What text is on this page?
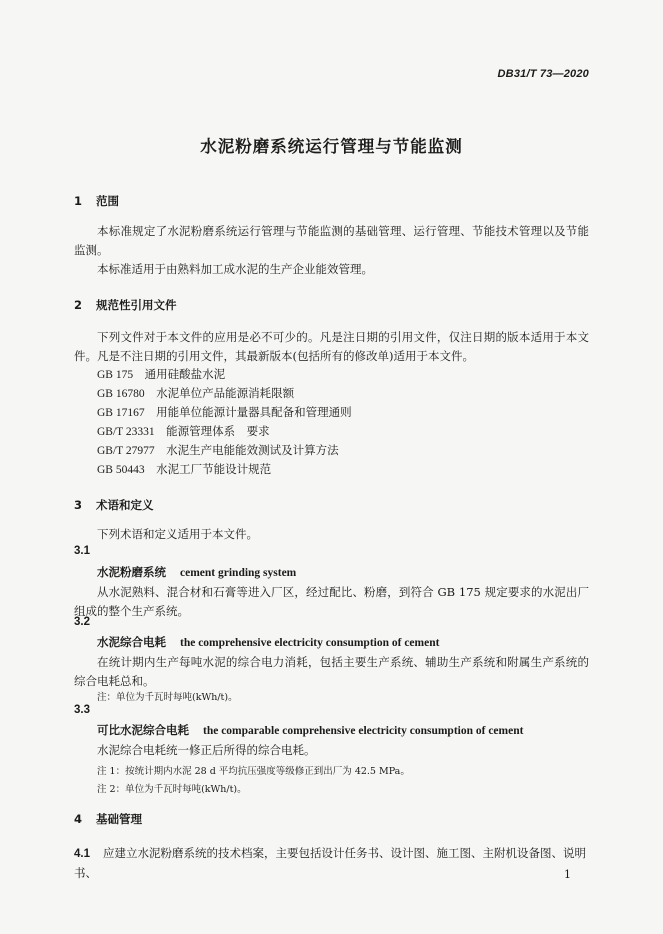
DB31/T 73—2020
水泥粉磨系统运行管理与节能监测
1 范围
本标准规定了水泥粉磨系统运行管理与节能监测的基础管理、运行管理、节能技术管理以及节能监测。
本标准适用于由熟料加工成水泥的生产企业能效管理。
2 规范性引用文件
下列文件对于本文件的应用是必不可少的。凡是注日期的引用文件，仅注日期的版本适用于本文件。凡是不注日期的引用文件，其最新版本(包括所有的修改单)适用于本文件。
GB 175　 通用硅酸盐水泥
GB 16780　 水泥单位产品能源消耗限额
GB 17167　 用能单位能源计量器具配备和管理通则
GB/T 23331　 能源管理体系　要求
GB/T 27977　 水泥生产电能能效测试及计算方法
GB 50443　 水泥工厂节能设计规范
3 术语和定义
下列术语和定义适用于本文件。
3.1
水泥粉磨系统 cement grinding system
从水泥熟料、混合材和石膏等进入厂区，经过配比、粉磨，到符合 GB 175 规定要求的水泥出厂组成的整个生产系统。
3.2
水泥综合电耗 the comprehensive electricity consumption of cement
在统计期内生产每吨水泥的综合电力消耗，包括主要生产系统、辅助生产系统和附属生产系统的综合电耗总和。
注：单位为千瓦时每吨(kWh/t)。
3.3
可比水泥综合电耗 the comparable comprehensive electricity consumption of cement
水泥综合电耗统一修正后所得的综合电耗。
注 1：按统计期内水泥 28 d 平均抗压强度等级修正到出厂为 42.5 MPa。
注 2：单位为千瓦时每吨(kWh/t)。
4 基础管理
4.1 应建立水泥粉磨系统的技术档案，主要包括设计任务书、设计图、施工图、主附机设备图、说明书、	1
